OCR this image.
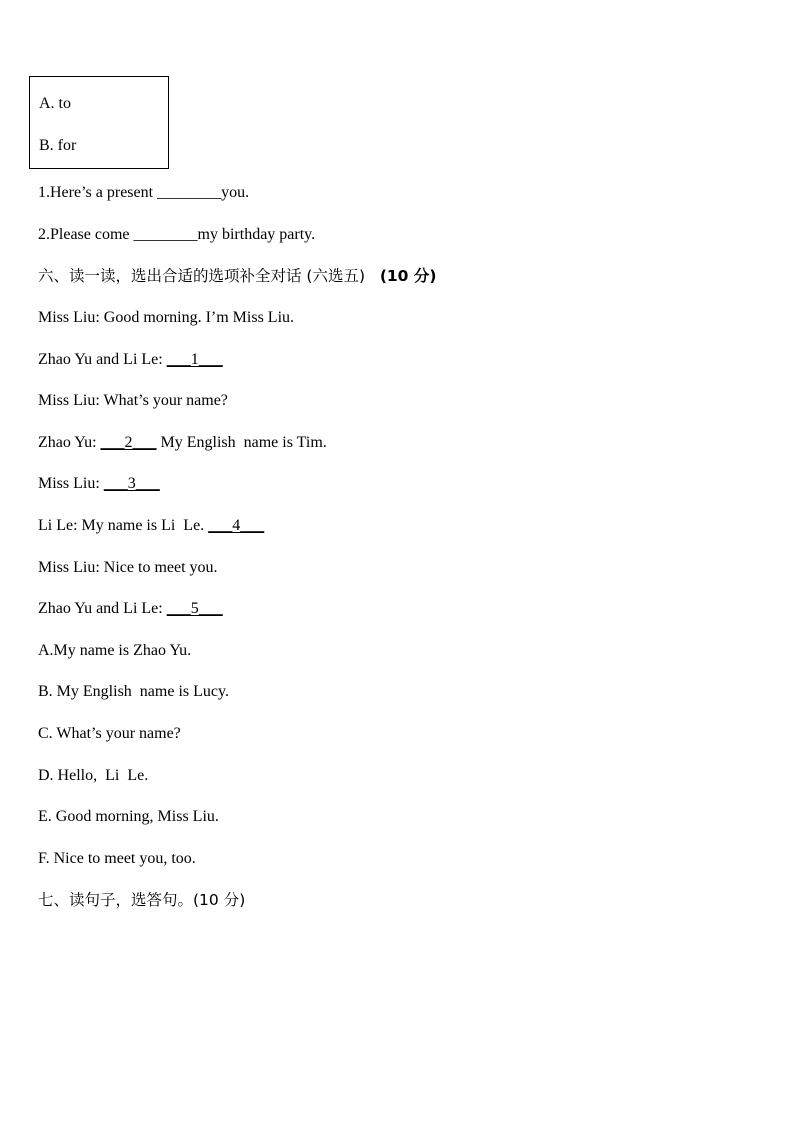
A. to
B. for
1.Here’s a present ________you.
2.Please come ________my birthday party.
六、读一读，选出合适的选项补全对话 (六选五) (10 分)
Miss Liu: Good morning. I’m Miss Liu.
Zhao Yu and Li Le: ___1___
Miss Liu: What’s your name?
Zhao Yu: ___2___ My English  name is Tim.
Miss Liu: ___3___
Li Le: My name is Li  Le. ___4___
Miss Liu: Nice to meet you.
Zhao Yu and Li Le: ___5___
A.My name is Zhao Yu.
B. My English  name is Lucy.
C. What’s your name?
D. Hello,  Li  Le.
E. Good morning, Miss Liu.
F. Nice to meet you, too.
七、读句子，选答句。(10 分)
